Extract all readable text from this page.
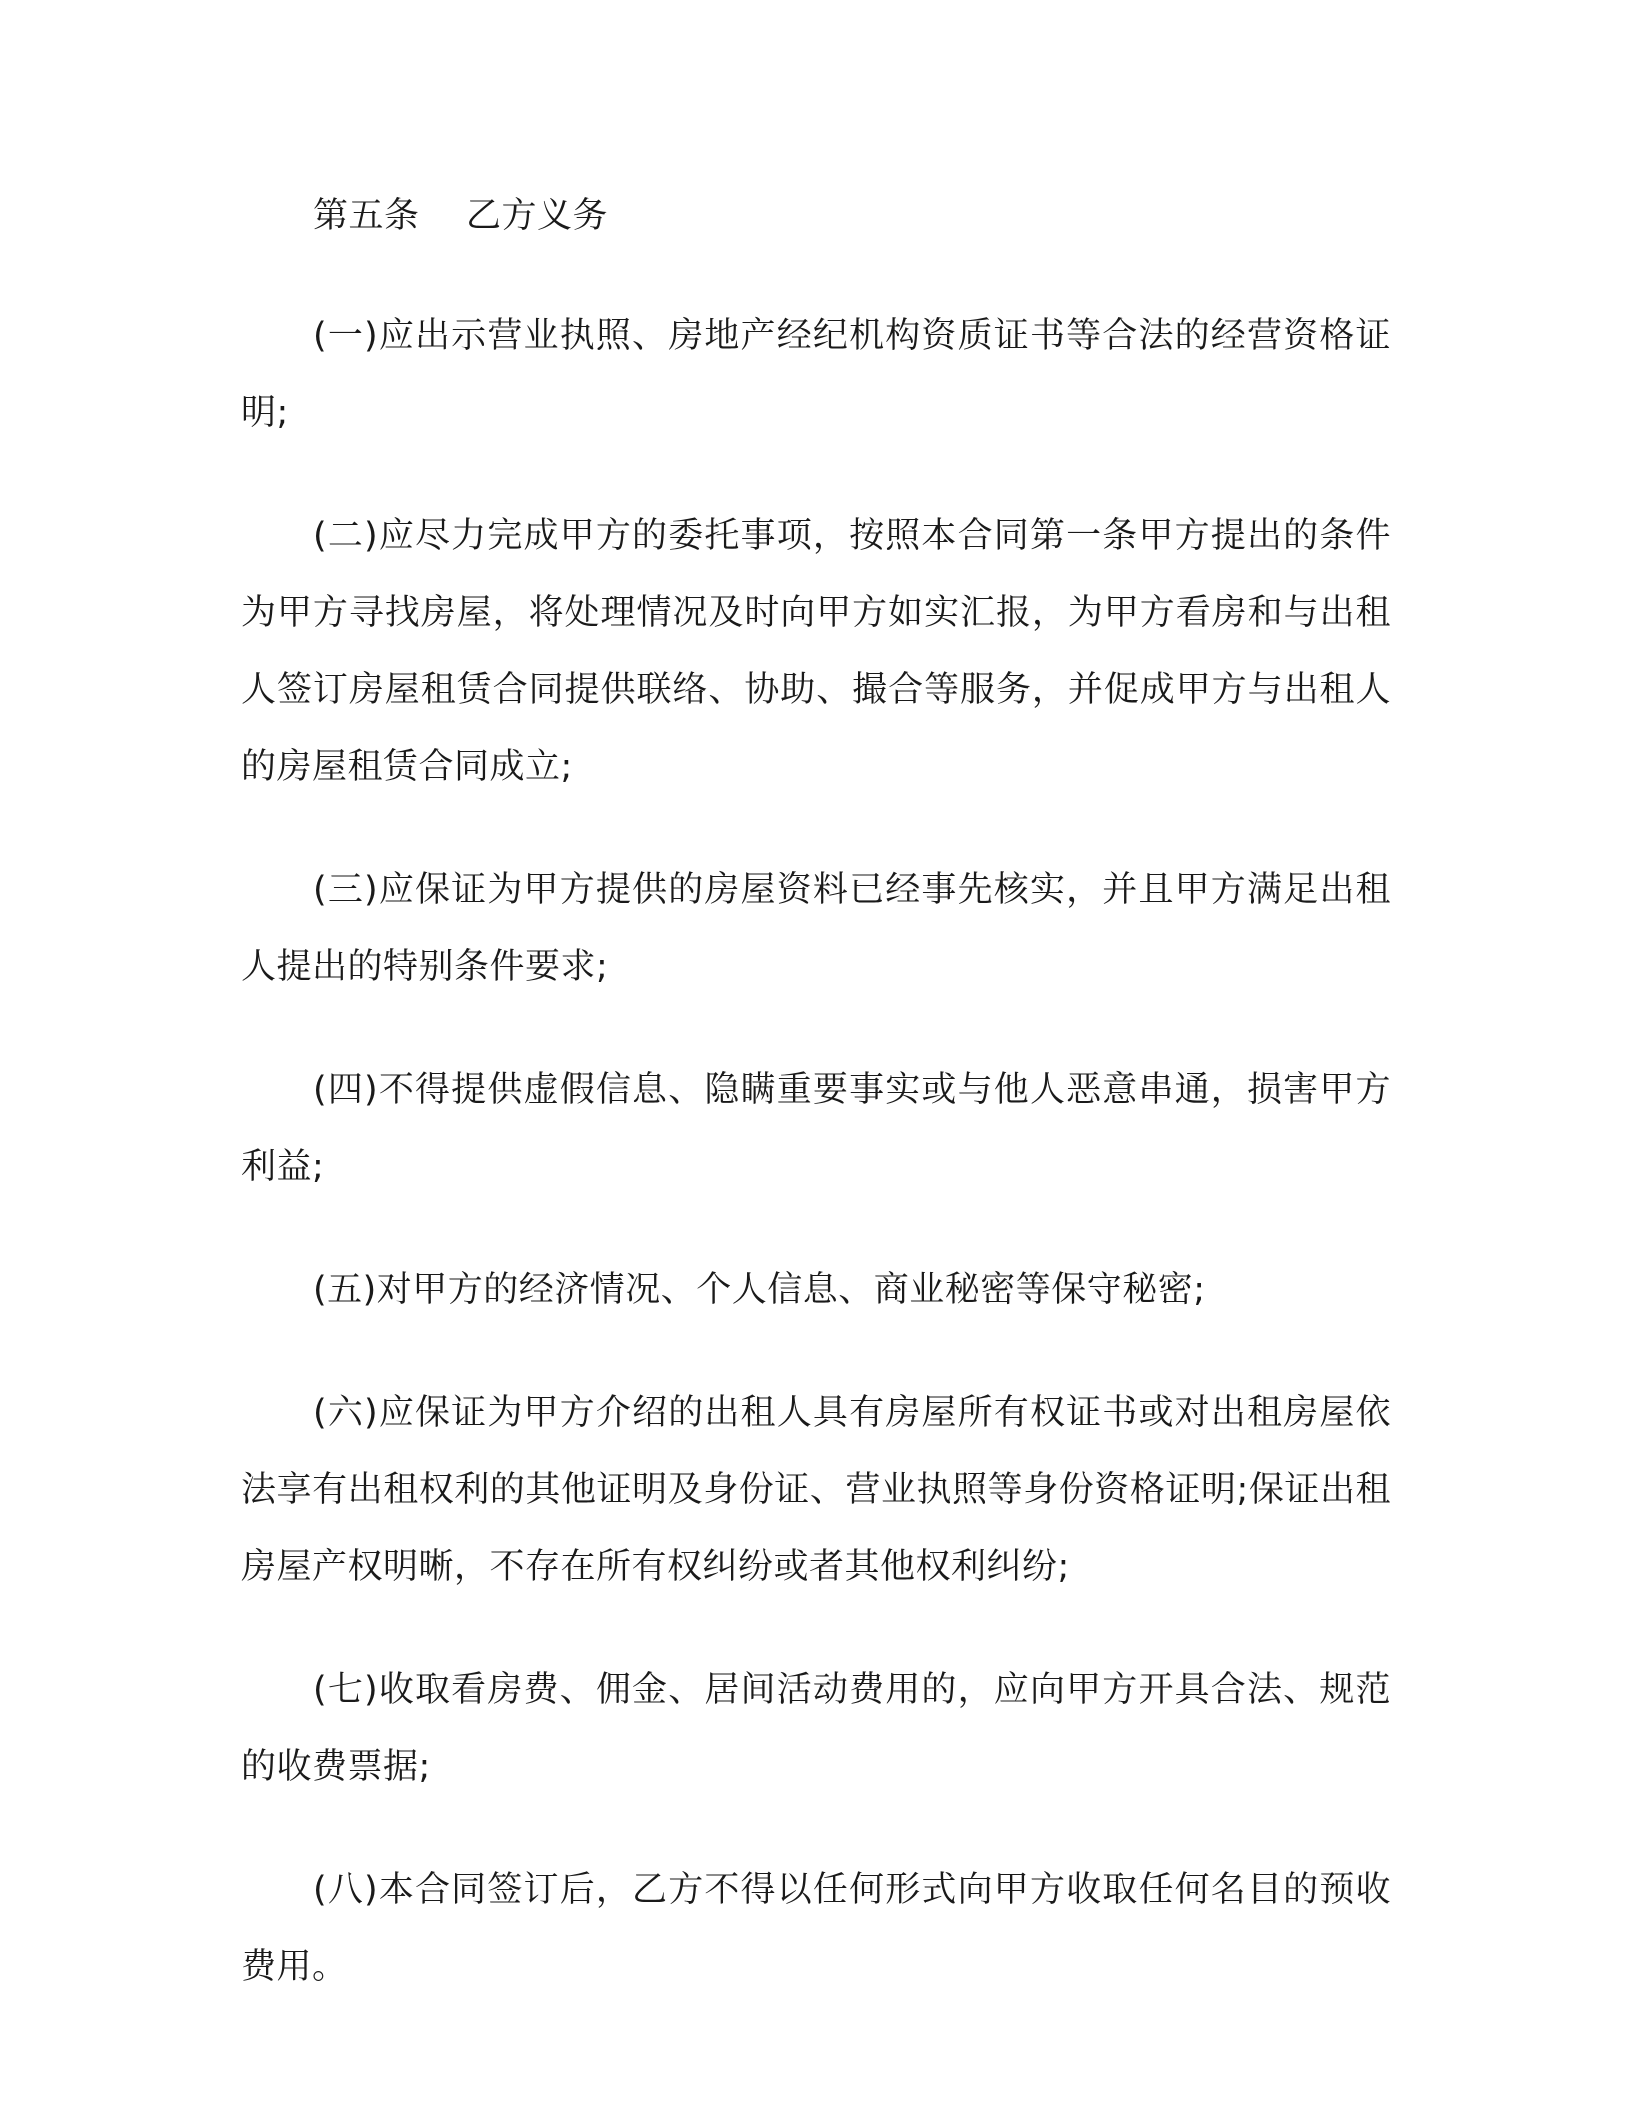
第五条    乙方义务

(一)应出示营业执照、房地产经纪机构资质证书等合法的经营资格证明;

(二)应尽力完成甲方的委托事项，按照本合同第一条甲方提出的条件为甲方寻找房屋，将处理情况及时向甲方如实汇报，为甲方看房和与出租人签订房屋租赁合同提供联络、协助、撮合等服务，并促成甲方与出租人的房屋租赁合同成立;

(三)应保证为甲方提供的房屋资料已经事先核实，并且甲方满足出租人提出的特别条件要求;

(四)不得提供虚假信息、隐瞒重要事实或与他人恶意串通，损害甲方利益;

(五)对甲方的经济情况、个人信息、商业秘密等保守秘密;

(六)应保证为甲方介绍的出租人具有房屋所有权证书或对出租房屋依法享有出租权利的其他证明及身份证、营业执照等身份资格证明;保证出租房屋产权明晰，不存在所有权纠纷或者其他权利纠纷;

(七)收取看房费、佣金、居间活动费用的，应向甲方开具合法、规范的收费票据;

(八)本合同签订后，乙方不得以任何形式向甲方收取任何名目的预收费用。
